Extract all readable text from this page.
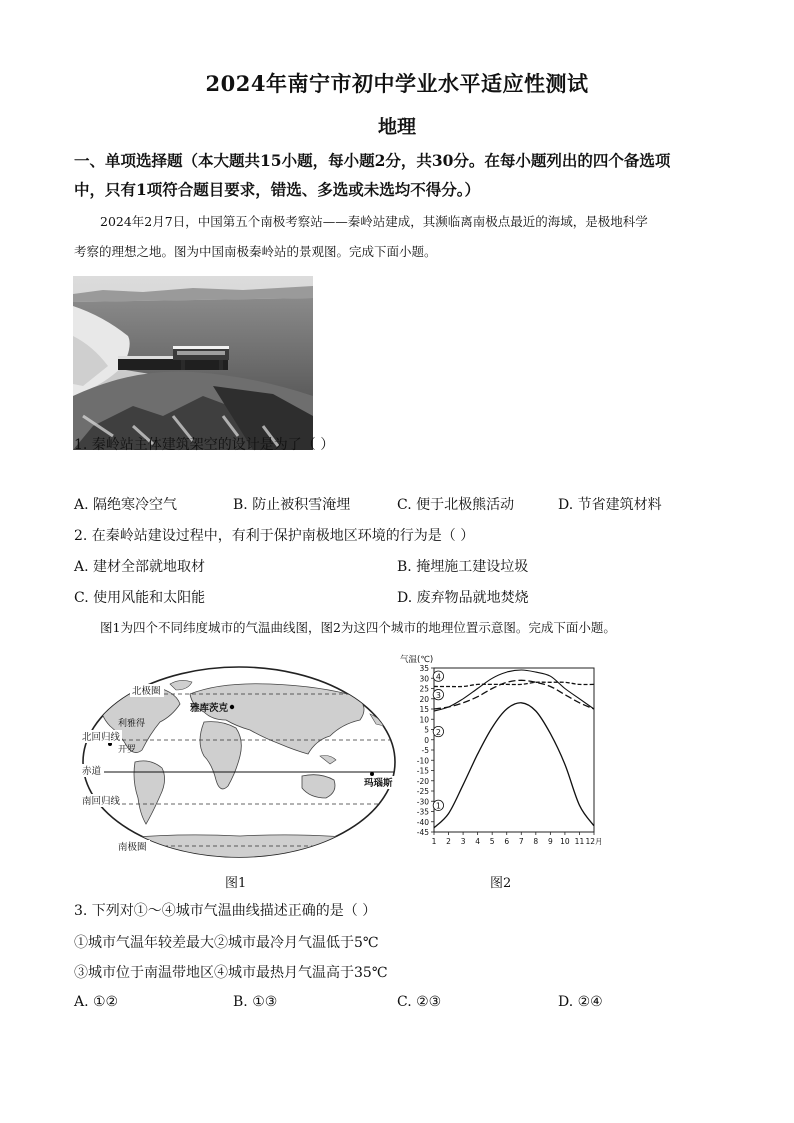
2024年南宁市初中学业水平适应性测试
地理
一、单项选择题（本大题共15小题，每小题2分，共30分。在每小题列出的四个备选项
中，只有1项符合题目要求，错选、多选或未选均不得分。）
2024年2月7日，中国第五个南极考察站——秦岭站建成，其濒临离南极点最近的海域，是极地科学
考察的理想之地。图为中国南极秦岭站的景观图。完成下面小题。
1. 秦岭站主体建筑架空的设计是为了（ ）
A. 隔绝寒冷空气	B. 防止被积雪淹埋	C. 便于北极熊活动	D. 节省建筑材料
2. 在秦岭站建设过程中，有利于保护南极地区环境的行为是（ ）
A. 建材全部就地取材	B. 掩埋施工建设垃圾
C. 使用风能和太阳能	D. 废弃物品就地焚烧
图1为四个不同纬度城市的气温曲线图，图2为这四个城市的地理位置示意图。完成下面小题。
北极圈
雅库茨克
利雅得
北回归线
开罗
赤道
玛瑙斯
南回归线
南极圈
气温(℃)
35
30
25
20
15
10
5
0
-5
-10
-15
-20
-25
-30
-35
-40
-45
1 2 3 4 5 6 7 8 9 10 11 12月
1
2
3
4
图1	图2
3. 下列对①～④城市气温曲线描述正确的是（ ）
①城市气温年较差最大②城市最冷月气温低于5℃
③城市位于南温带地区④城市最热月气温高于35℃
A. ①②	B. ①③	C. ②③	D. ②④
